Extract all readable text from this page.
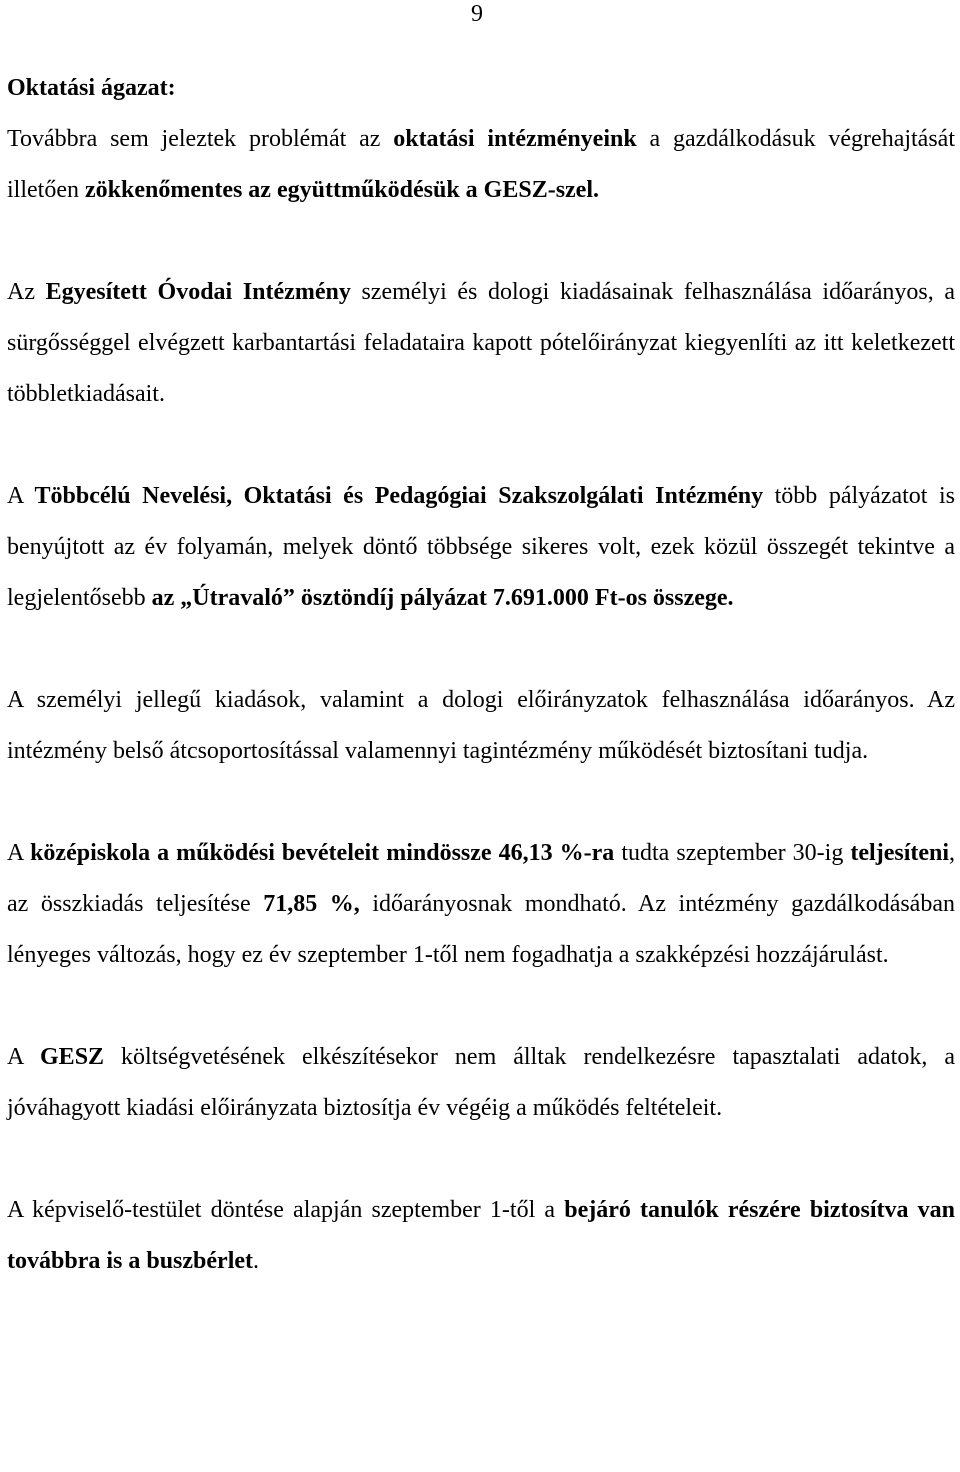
9

Oktatási ágazat:

Továbbra sem jeleztek problémát az oktatási intézményeink a gazdálkodásuk végrehajtását illetően zökkenőmentes az együttműködésük a GESZ-szel.

Az Egyesített Óvodai Intézmény személyi és dologi kiadásainak felhasználása időarányos, a sürgősséggel elvégzett karbantartási feladataira kapott pótelőirányzat kiegyenlíti az itt keletkezett többletkiadásait.

A Többcélú Nevelési, Oktatási és Pedagógiai Szakszolgálati Intézmény több pályázatot is benyújtott az év folyamán, melyek döntő többsége sikeres volt, ezek közül összegét tekintve a legjelentősebb az „Útravaló” ösztöndíj pályázat 7.691.000 Ft-os összege.

A személyi jellegű kiadások, valamint a dologi előirányzatok felhasználása időarányos. Az intézmény belső átcsoportosítással valamennyi tagintézmény működését biztosítani tudja.

A középiskola a működési bevételeit mindössze 46,13 %-ra tudta szeptember 30-ig teljesíteni, az összkiadás teljesítése 71,85 %, időarányosnak mondható. Az intézmény gazdálkodásában lényeges változás, hogy ez év szeptember 1-től nem fogadhatja a szakképzési hozzájárulást.

A GESZ költségvetésének elkészítésekor nem álltak rendelkezésre tapasztalati adatok, a jóváhagyott kiadási előirányzata biztosítja év végéig a működés feltételeit.

A képviselő-testület döntése alapján szeptember 1-től a bejáró tanulók részére biztosítva van továbbra is a buszbérlet.
